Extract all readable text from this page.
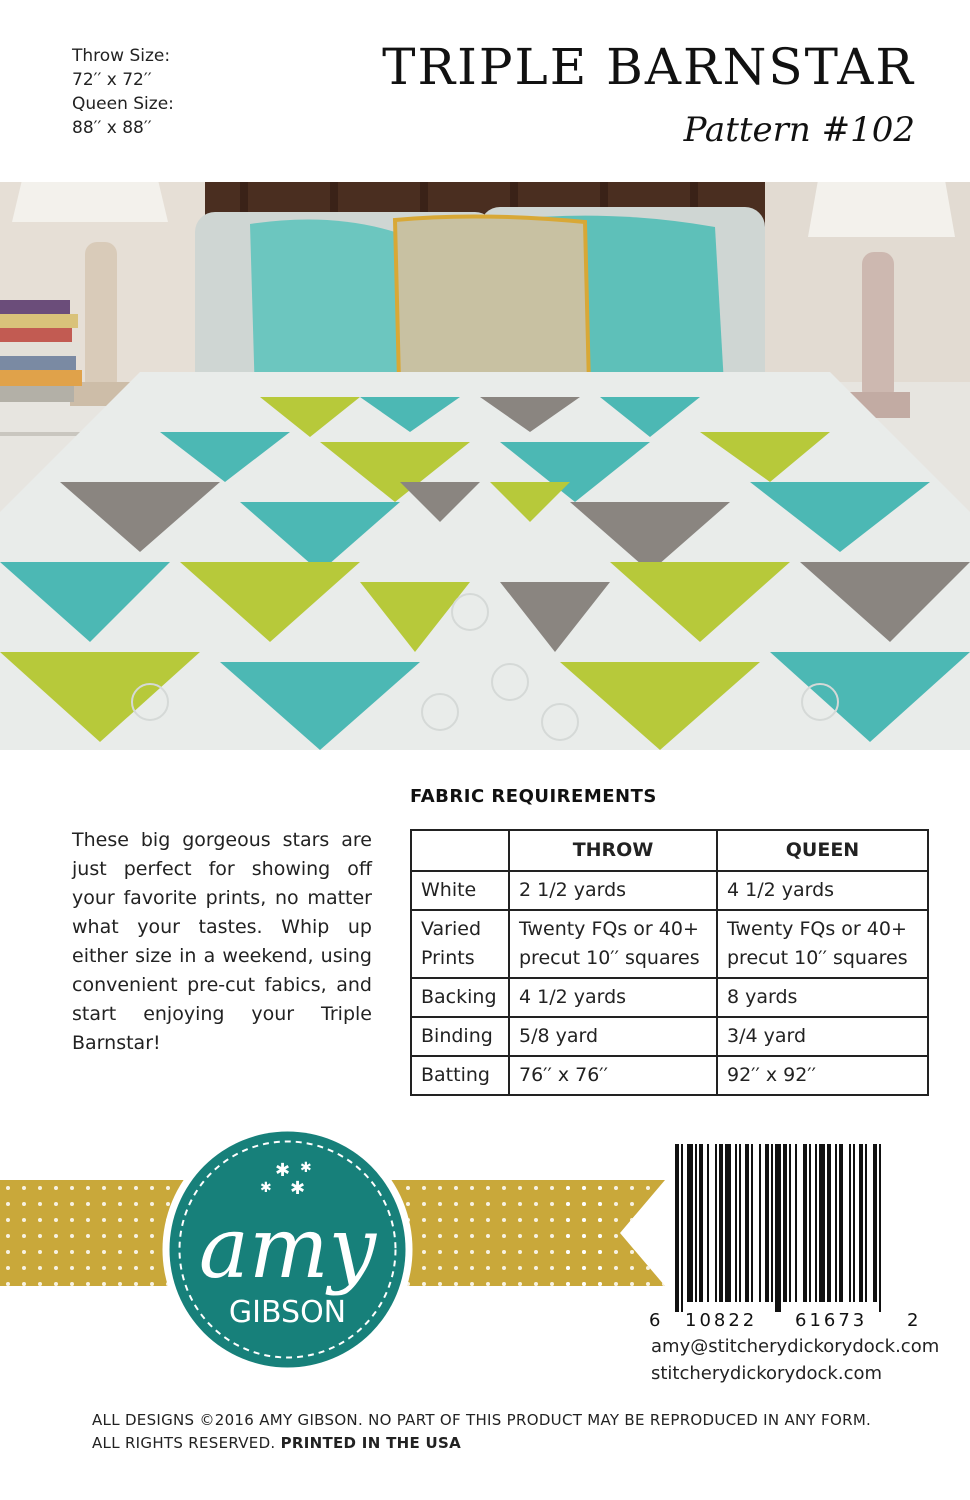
Throw Size:
72′′ x 72′′
Queen Size:
88′′ x 88′′
TRIPLE BARNSTAR
Pattern #102
These big gorgeous stars are just perfect for showing off your favorite prints, no matter what your tastes. Whip up either size in a weekend, using convenient pre-cut fabics, and start enjoying your Triple Barnstar!
FABRIC REQUIREMENTS
	THROW	QUEEN
White	2 1/2 yards	4 1/2 yards
Varied Prints	Twenty FQs or 40+ precut 10′′ squares	Twenty FQs or 40+ precut 10′′ squares
Backing	4 1/2 yards	8 yards
Binding	5/8 yard	3/4 yard
Batting	76′′ x 76′′	92′′ x 92′′
✱ ✱
✱ ✱
amy
GIBSON	6 10822 61673 2
amy@stitcherydickorydock.com
stitcherydickorydock.com
ALL DESIGNS ©2016 AMY GIBSON. NO PART OF THIS PRODUCT MAY BE REPRODUCED IN ANY FORM. ALL RIGHTS RESERVED. PRINTED IN THE USA
